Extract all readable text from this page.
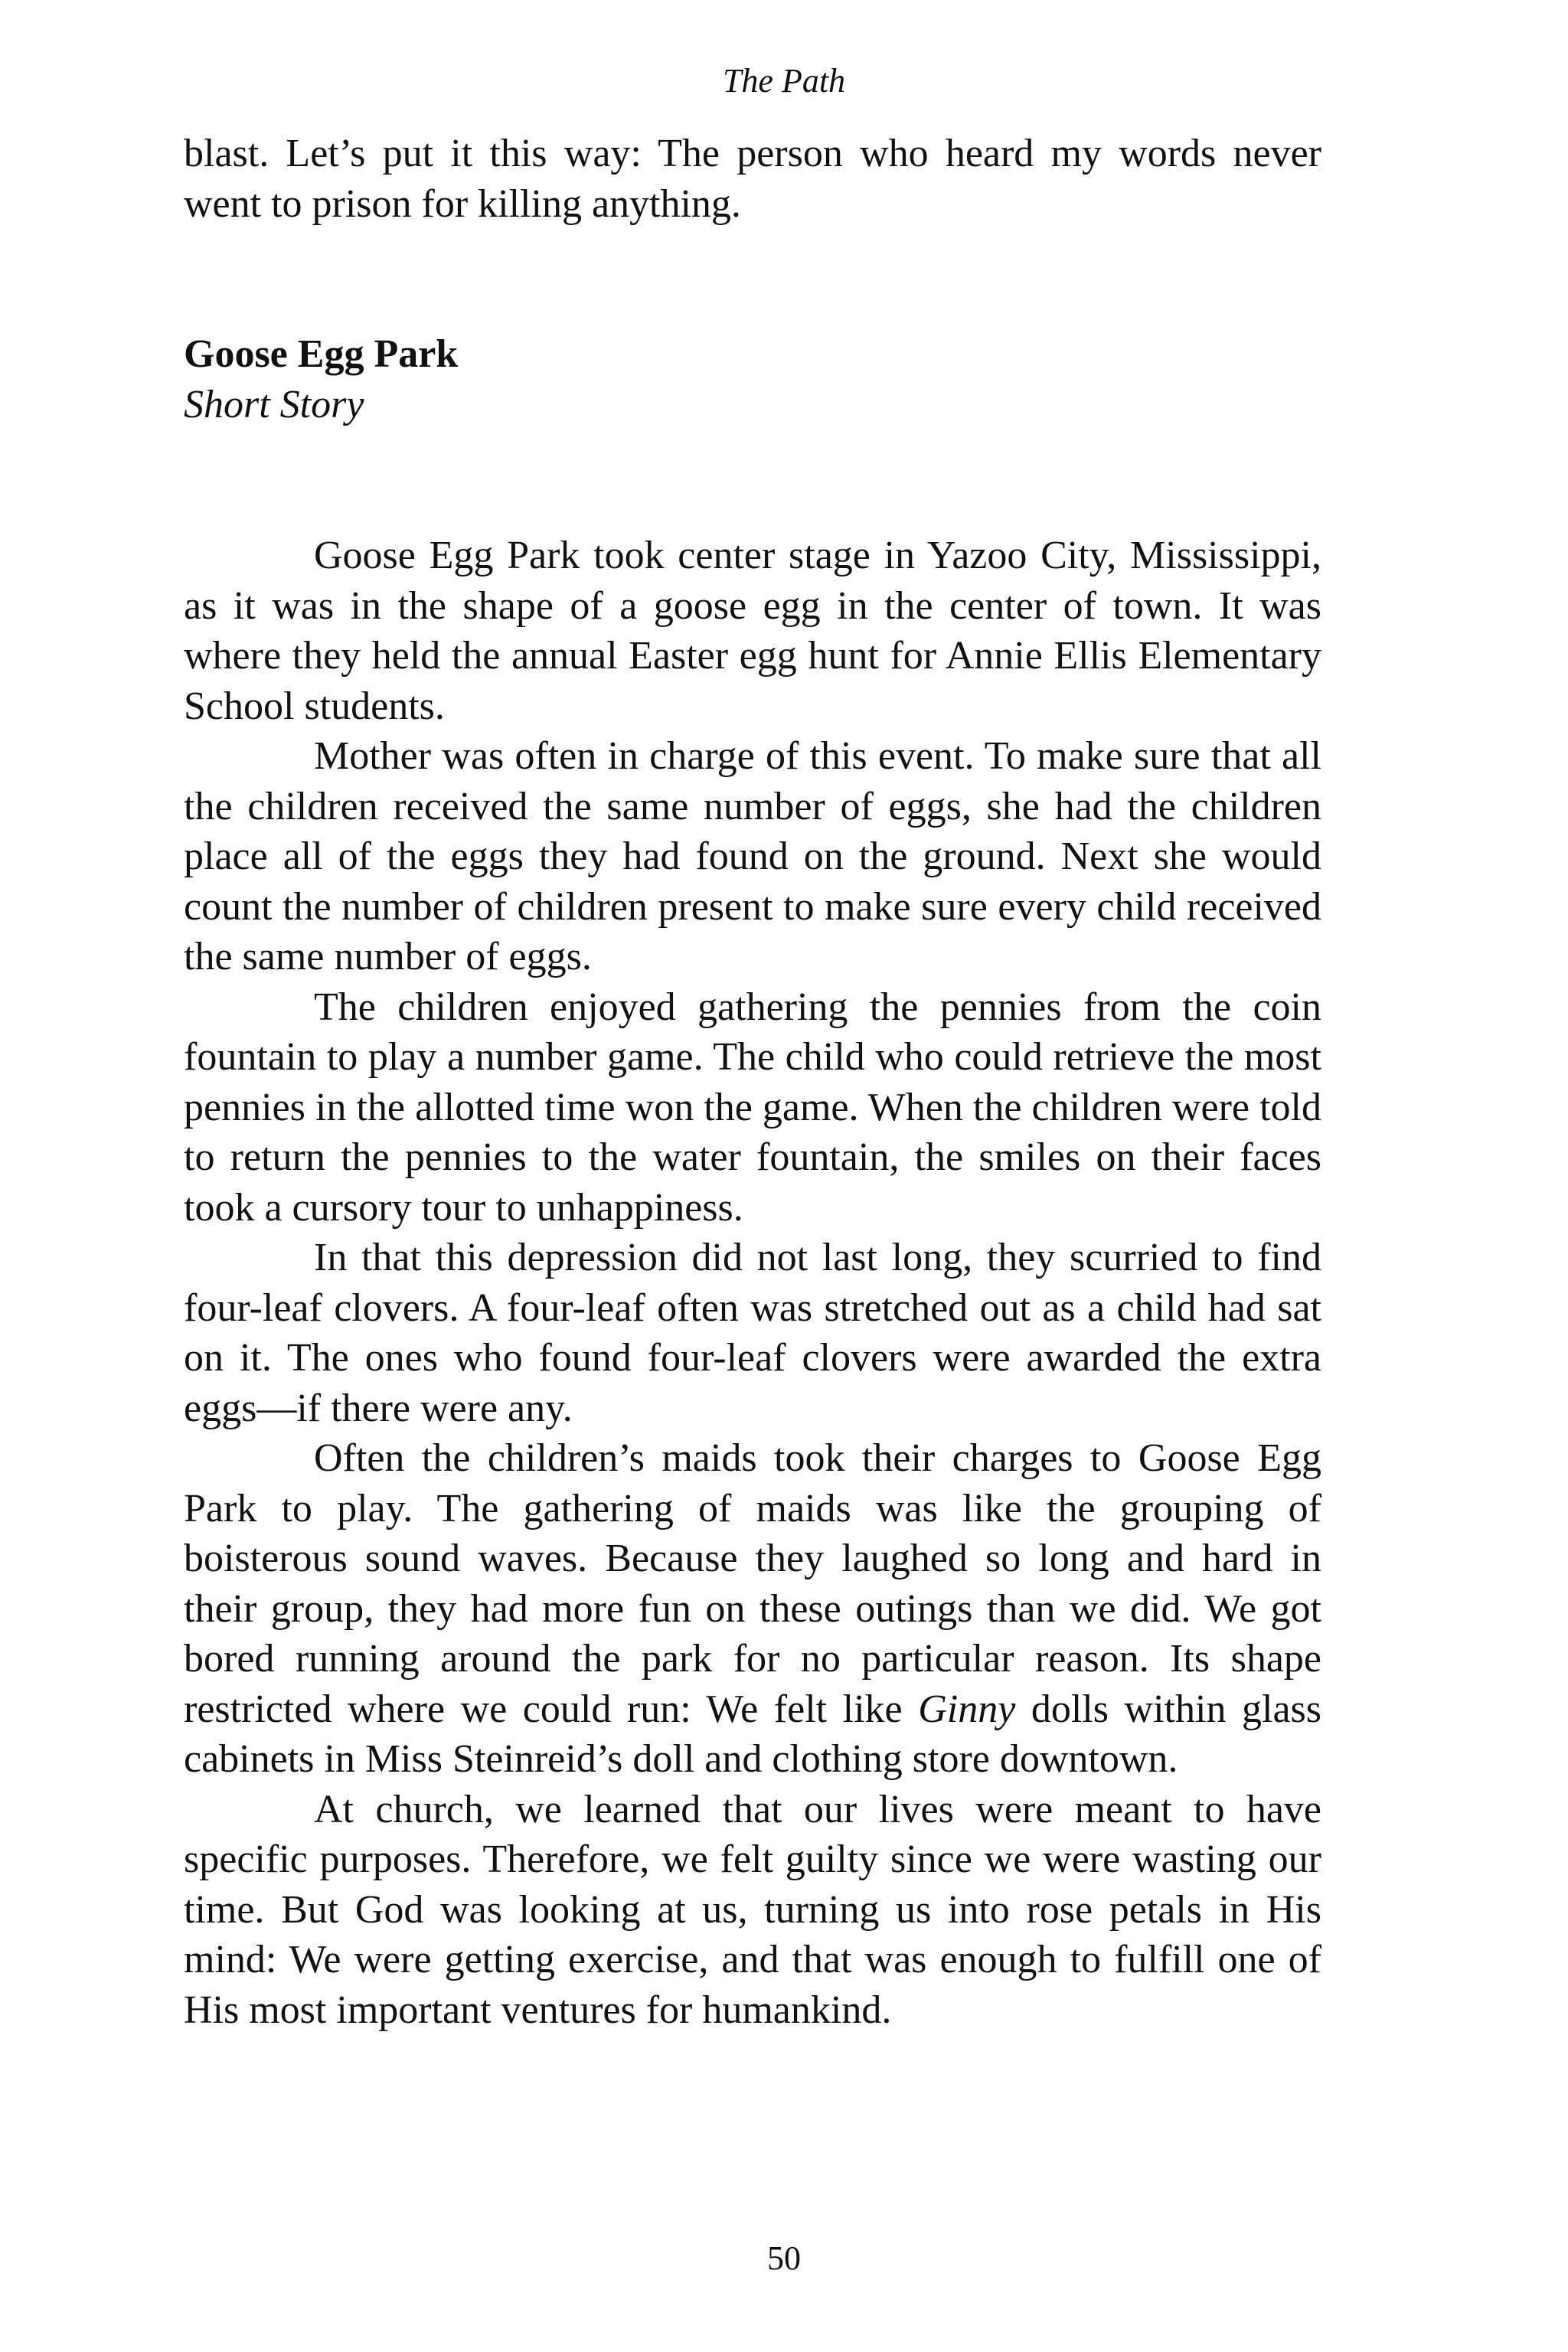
The Path

blast. Let’s put it this way: The person who heard my words never went to prison for killing anything.

Goose Egg Park
Short Story

Goose Egg Park took center stage in Yazoo City, Mississippi, as it was in the shape of a goose egg in the center of town. It was where they held the annual Easter egg hunt for Annie Ellis Elementary School students.

Mother was often in charge of this event. To make sure that all the children received the same number of eggs, she had the children place all of the eggs they had found on the ground. Next she would count the number of children present to make sure every child received the same number of eggs.

The children enjoyed gathering the pennies from the coin fountain to play a number game. The child who could retrieve the most pennies in the allotted time won the game. When the children were told to return the pennies to the water fountain, the smiles on their faces took a cursory tour to unhappiness.

In that this depression did not last long, they scurried to find four-leaf clovers. A four-leaf often was stretched out as a child had sat on it. The ones who found four-leaf clovers were awarded the extra eggs—if there were any.

Often the children’s maids took their charges to Goose Egg Park to play. The gathering of maids was like the grouping of boisterous sound waves. Because they laughed so long and hard in their group, they had more fun on these outings than we did. We got bored running around the park for no particular reason. Its shape restricted where we could run: We felt like Ginny dolls within glass cabinets in Miss Steinreid’s doll and clothing store downtown.

At church, we learned that our lives were meant to have specific purposes. Therefore, we felt guilty since we were wasting our time. But God was looking at us, turning us into rose petals in His mind: We were getting exercise, and that was enough to fulfill one of His most important ventures for humankind.

50
